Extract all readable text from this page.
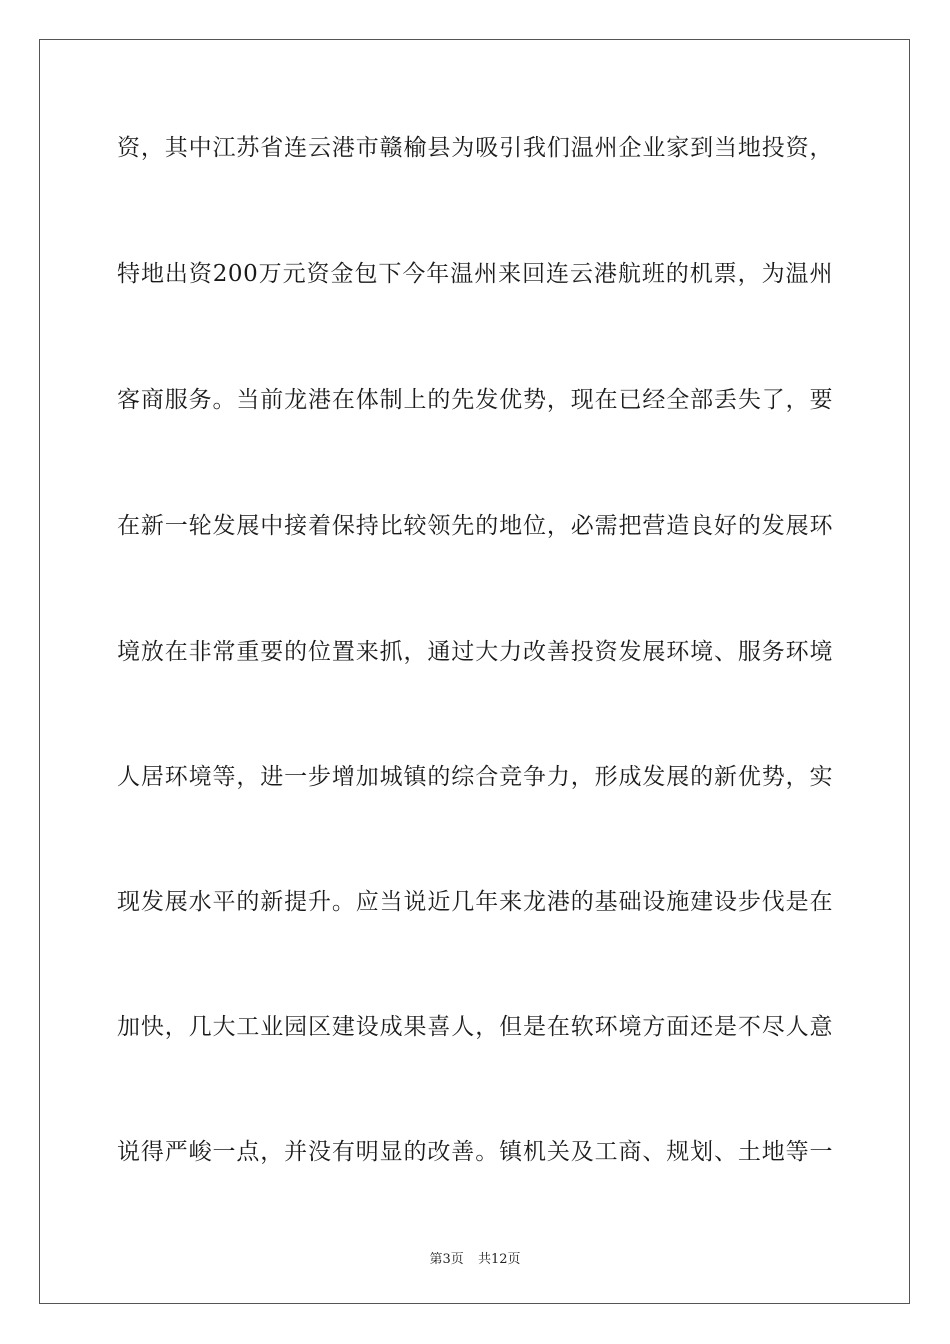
资，其中江苏省连云港市赣榆县为吸引我们温州企业家到当地投资，
特地出资200万元资金包下今年温州来回连云港航班的机票，为温州
客商服务。当前龙港在体制上的先发优势，现在已经全部丢失了，要
在新一轮发展中接着保持比较领先的地位，必需把营造良好的发展环
境放在非常重要的位置来抓，通过大力改善投资发展环境、服务环境
人居环境等，进一步增加城镇的综合竞争力，形成发展的新优势，实
现发展水平的新提升。应当说近几年来龙港的基础设施建设步伐是在
加快，几大工业园区建设成果喜人，但是在软环境方面还是不尽人意
说得严峻一点，并没有明显的改善。镇机关及工商、规划、土地等一
第3页 共12页
